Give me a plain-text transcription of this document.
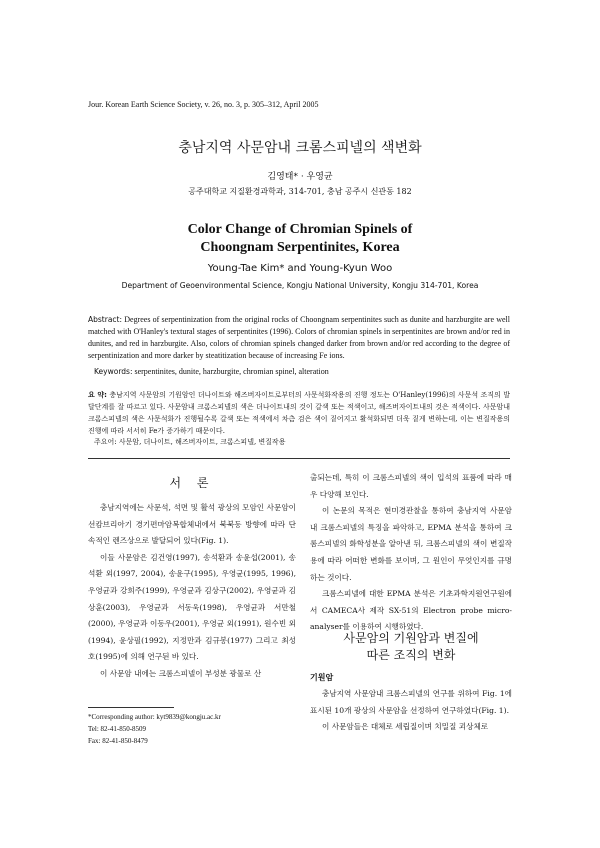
Jour. Korean Earth Science Society, v. 26, no. 3, p. 305–312, April 2005
충남지역 사문암내 크롬스피넬의 색변화
김영태* · 우영균
공주대학교 지질환경과학과, 314-701, 충남 공주시 신관동 182
Color Change of Chromian Spinels of
Choongnam Serpentinites, Korea
Young-Tae Kim* and Young-Kyun Woo
Department of Geoenvironmental Science, Kongju National University, Kongju 314-701, Korea
Abstract: Degrees of serpentinization from the original rocks of Choongnam serpentinites such as dunite and harzburgite are well matched with O'Hanley's textural stages of serpentinites (1996). Colors of chromian spinels in serpentinites are brown and/or red in dunites, and red in harzburgite. Also, colors of chromian spinels changed darker from brown and/or red according to the degree of serpentinization and more darker by steatitization because of increasing Fe ions.
Keywords: serpentinites, dunite, harzburgite, chromian spinel, alteration
요 약: 충남지역 사문암의 기원암인 더나이트와 해즈버자이트로부터의 사문석화작용의 진행 정도는 O'Hanley(1996)의 사문석 조직의 발달단계를 잘 따르고 있다. 사문암내 크롬스피넬의 색은 더나이트내의 것이 갈색 또는 적색이고, 해즈버자이트내의 것은 적색이다. 사문암내 크롬스피넬의 색은 사문석화가 진행될수록 갈색 또는 적색에서 차츰 검은 색이 짙어지고 활석화되면 더욱 짙게 변하는데, 이는 변질작용의 진행에 따라 서서히 Fe가 증가하기 때문이다.
주요어: 사문암, 더나이트, 해즈버자이트, 크롬스피넬, 변질작용
서 론
충남지역에는 사문석, 석면 및 활석 광상의 모암인 사문암이 선캄브리아기 경기편마암복합체내에서 북북동 방향에 따라 단속적인 렌즈상으로 발달되어 있다(Fig. 1).
이들 사문암은 김건영(1997), 송석환과 송윤섭(2001), 송석환 외(1997, 2004), 송윤구(1995), 우영균(1995, 1996), 우영균과 강희주(1999), 우영균과 김상구(2002), 우영균과 김상훈(2003), 우영균과 서동욱(1998), 우영균과 서만철(2000), 우영균과 이동우(2001), 우영균 외(1991), 원수빈 외(1994), 윤상필(1992), 지정만과 김규봉(1977) 그리고 최성호(1995)에 의해 연구된 바 있다.
이 사문암 내에는 크롬스피넬이 부성분 광물로 산
출되는데, 특히 이 크롬스피넬의 색이 입석의 표품에 따라 매우 다양해 보인다.
이 논문의 목적은 현미경관찰을 통하여 충남지역 사문암내 크롬스피넬의 특징을 파악하고, EPMA 분석을 통하여 크롬스피넬의 화학성분을 알아낸 뒤, 크롬스피넬의 색이 변질작용에 따라 어떠한 변화를 보이며, 그 원인이 무엇인지를 규명하는 것이다.
크롬스피넬에 대한 EPMA 분석은 기초과학지원연구원에서 CAMECA사 제작 SX-51의 Electron probe micro-analyser를 이용하여 시행하였다.
사문암의 기원암과 변질에
따른 조직의 변화
기원암
충남지역 사문암내 크롬스피넬의 연구를 위하여 Fig. 1에 표시된 10개 광상의 사문암을 선정하여 연구하였다(Fig. 1).
이 사문암들은 대체로 세립질이며 치밀질 괴상체로
*Corresponding author: kyt9839@kongju.ac.kr
Tel: 82-41-850-8509
Fax: 82-41-850-8479
